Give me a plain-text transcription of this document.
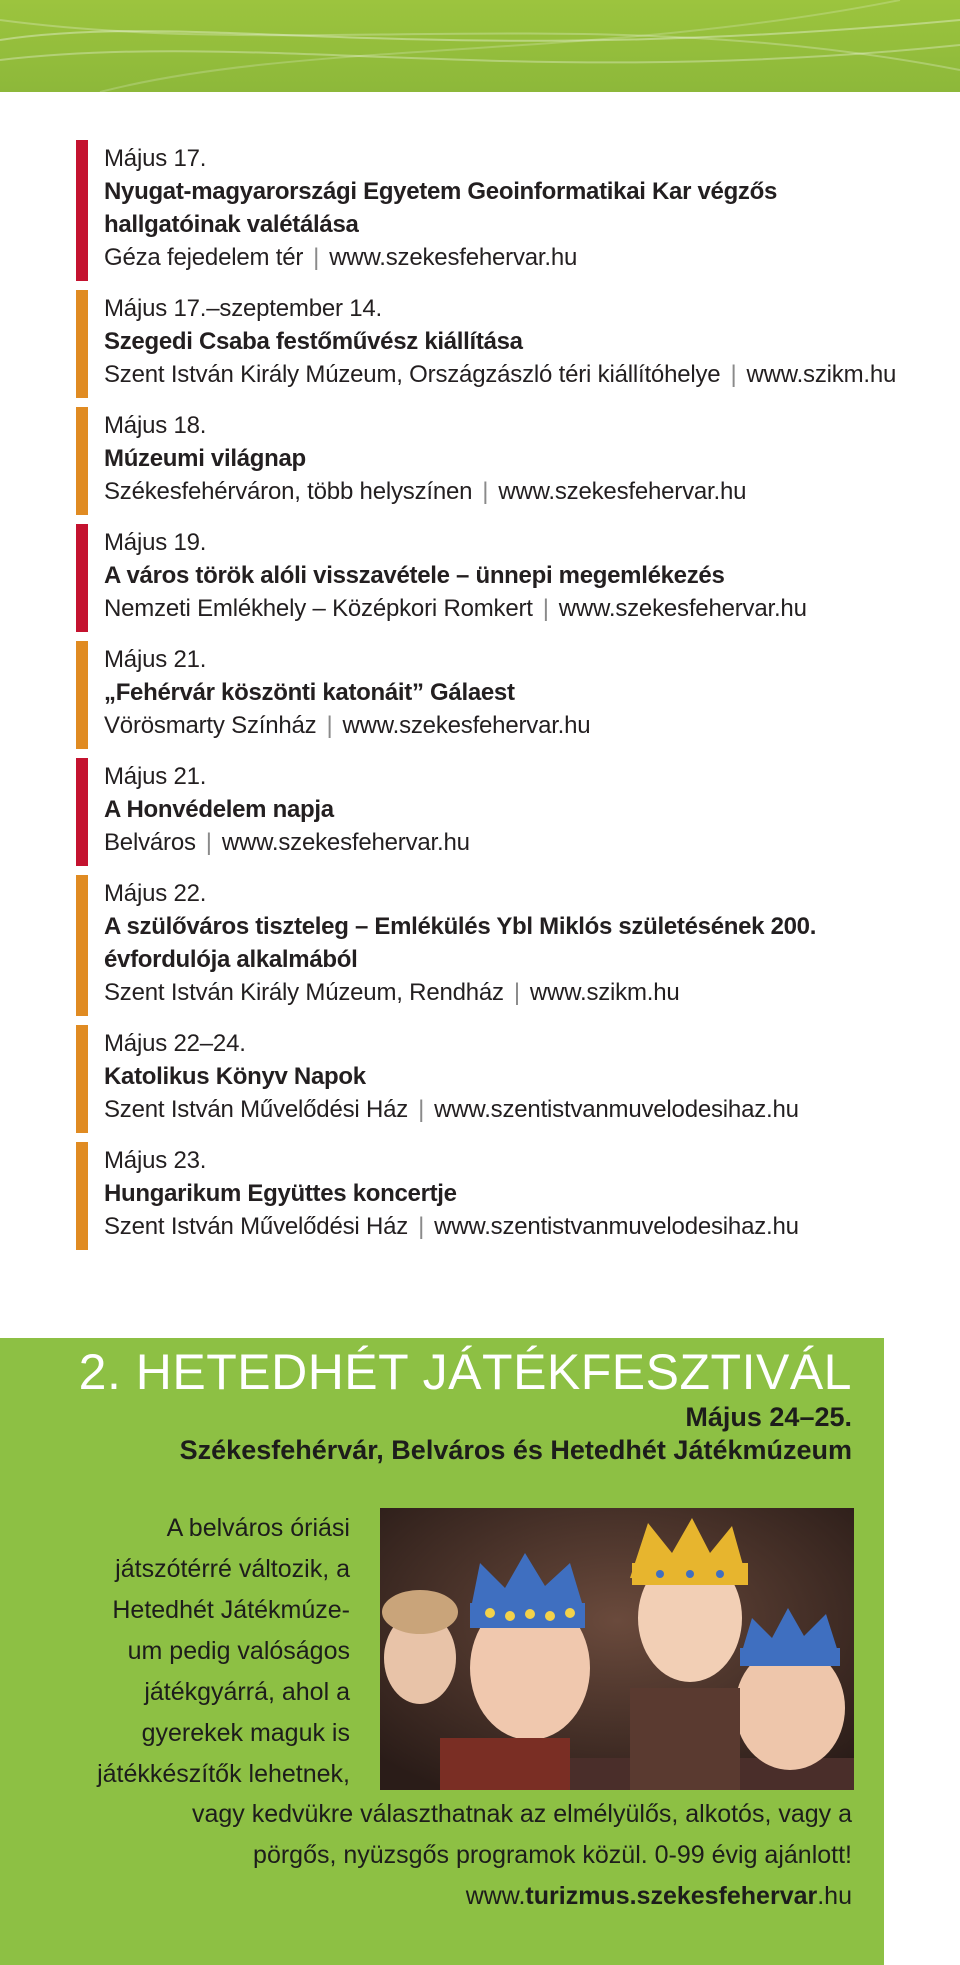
Május 17.
Nyugat-magyarországi Egyetem Geoinformatikai Kar végzős
hallgatóinak valétálása
Géza fejedelem tér | www.szekesfehervar.hu
Május 17.–szeptember 14.
Szegedi Csaba festőművész kiállítása
Szent István Király Múzeum, Országzászló téri kiállítóhelye | www.szikm.hu
Május 18.
Múzeumi világnap
Székesfehérváron, több helyszínen | www.szekesfehervar.hu
Május 19.
A város török alóli visszavétele – ünnepi megemlékezés
Nemzeti Emlékhely – Középkori Romkert | www.szekesfehervar.hu
Május 21.
„Fehérvár köszönti katonáit” Gálaest
Vörösmarty Színház | www.szekesfehervar.hu
Május 21.
A Honvédelem napja
Belváros | www.szekesfehervar.hu
Május 22.
A szülőváros tiszteleg – Emlékülés Ybl Miklós születésének 200.
évfordulója alkalmából
Szent István Király Múzeum, Rendház | www.szikm.hu
Május 22–24.
Katolikus Könyv Napok
Szent István Művelődési Ház | www.szentistvanmuvelodesihaz.hu
Május 23.
Hungarikum Együttes koncertje
Szent István Művelődési Ház | www.szentistvanmuvelodesihaz.hu
2. HETEDHÉT JÁTÉKFESZTIVÁL
Május 24–25.
Székesfehérvár, Belváros és Hetedhét Játékmúzeum
A belváros óriási
játszótérré változik, a
Hetedhét Játékmúze-
um pedig valóságos
játékgyárrá, ahol a
gyerekek maguk is
játékkészítők lehetnek,
vagy kedvükre választhatnak az elmélyülős, alkotós, vagy a
pörgős, nyüzsgős programok közül. 0-99 évig ajánlott!
www.turizmus.szekesfehervar.hu
